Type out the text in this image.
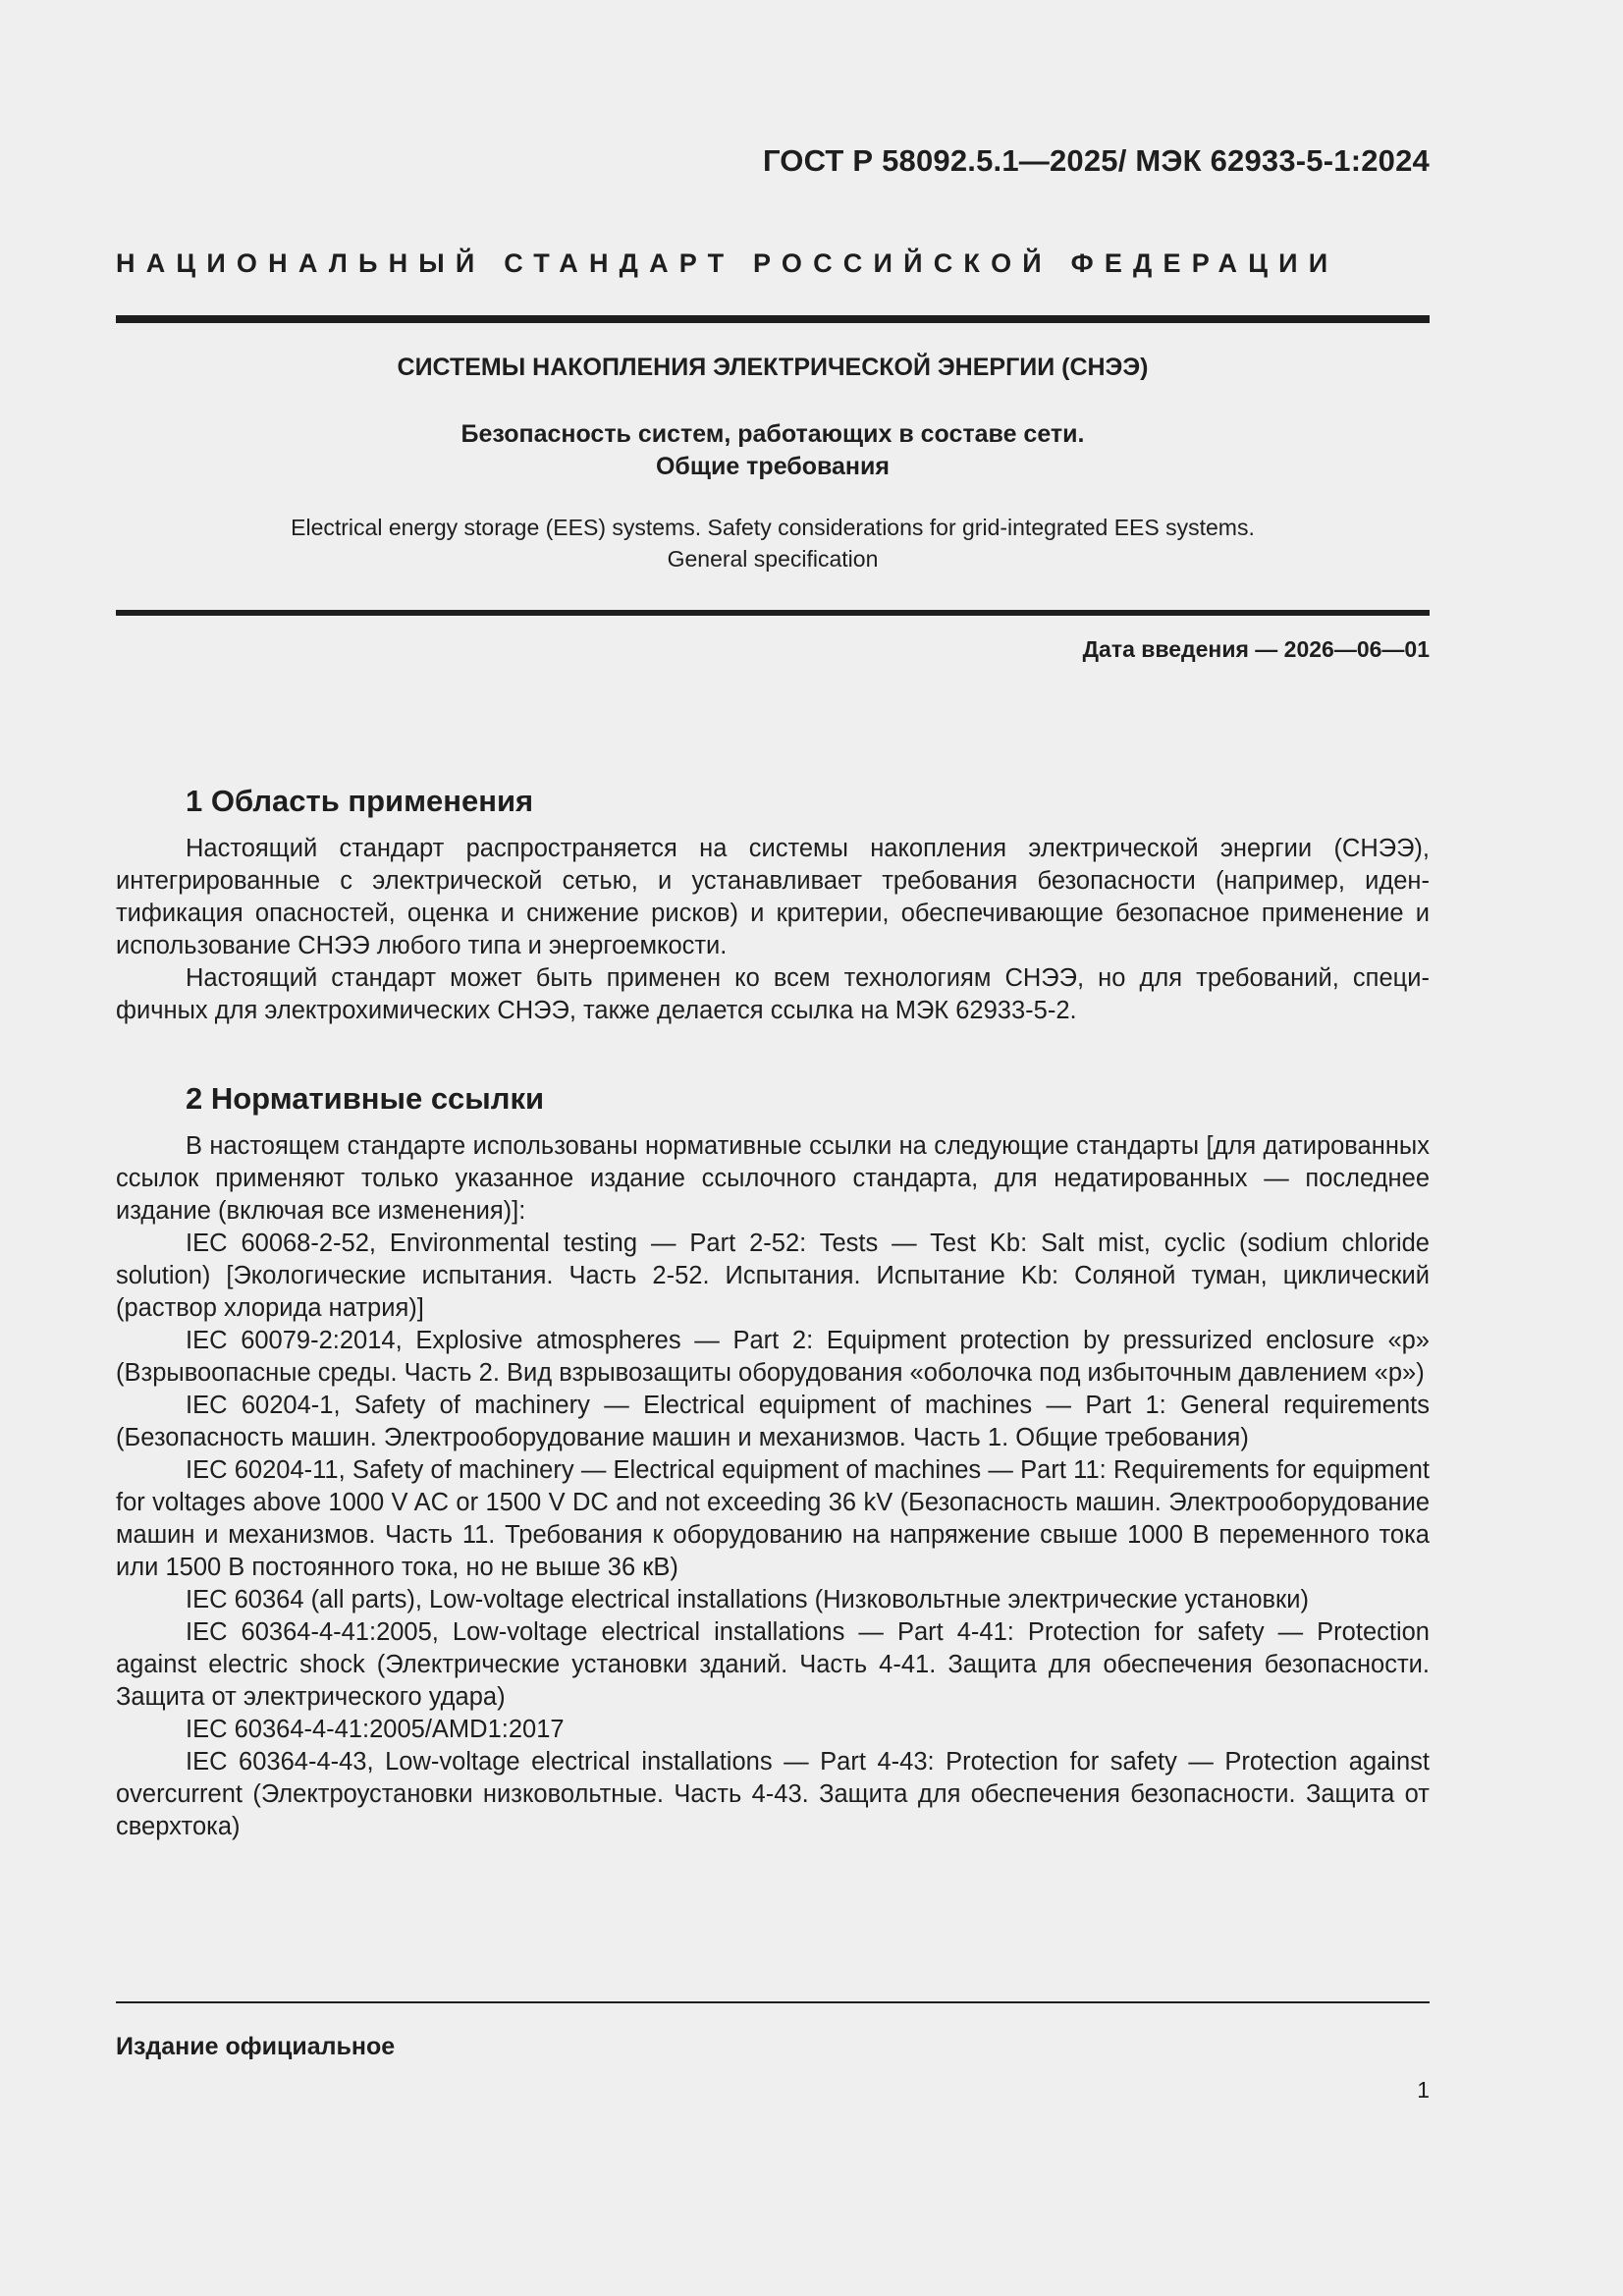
ГОСТ Р 58092.5.1—2025/ МЭК 62933-5-1:2024
НАЦИОНАЛЬНЫЙ СТАНДАРТ РОССИЙСКОЙ ФЕДЕРАЦИИ
СИСТЕМЫ НАКОПЛЕНИЯ ЭЛЕКТРИЧЕСКОЙ ЭНЕРГИИ (СНЭЭ)
Безопасность систем, работающих в составе сети.
Общие требования
Electrical energy storage (EES) systems. Safety considerations for grid-integrated EES systems.
General specification
Дата введения — 2026—06—01
1 Область применения

Настоящий стандарт распространяется на системы накопления электрической энергии (СНЭЭ), интегрированные с электрической сетью, и устанавливает требования безопасности (например, идентификация опасностей, оценка и снижение рисков) и критерии, обеспечивающие безопасное применение и использование СНЭЭ любого типа и энергоемкости.

Настоящий стандарт может быть применен ко всем технологиям СНЭЭ, но для требований, специфичных для электрохимических СНЭЭ, также делается ссылка на МЭК 62933-5-2.

2 Нормативные ссылки

В настоящем стандарте использованы нормативные ссылки на следующие стандарты [для датированных ссылок применяют только указанное издание ссылочного стандарта, для недатированных — последнее издание (включая все изменения)]:

IEC 60068-2-52, Environmental testing — Part 2-52: Tests — Test Kb: Salt mist, cyclic (sodium chloride solution) [Экологические испытания. Часть 2-52. Испытания. Испытание Kb: Соляной туман, циклический (раствор хлорида натрия)]

IEC 60079-2:2014, Explosive atmospheres — Part 2: Equipment protection by pressurized enclosure «p» (Взрывоопасные среды. Часть 2. Вид взрывозащиты оборудования «оболочка под избыточным давлением «p»)

IEC 60204-1, Safety of machinery — Electrical equipment of machines — Part 1: General requirements (Безопасность машин. Электрооборудование машин и механизмов. Часть 1. Общие требования)

IEC 60204-11, Safety of machinery — Electrical equipment of machines — Part 11: Requirements for equipment for voltages above 1000 V AC or 1500 V DC and not exceeding 36 kV (Безопасность машин. Электрооборудование машин и механизмов. Часть 11. Требования к оборудованию на напряжение свыше 1000 В переменного тока или 1500 В постоянного тока, но не выше 36 кВ)

IEC 60364 (all parts), Low-voltage electrical installations (Низковольтные электрические установки)

IEC 60364-4-41:2005, Low-voltage electrical installations — Part 4-41: Protection for safety — Protection against electric shock (Электрические установки зданий. Часть 4-41. Защита для обеспечения безопасности. Защита от электрического удара)

IEC 60364-4-41:2005/AMD1:2017

IEC 60364-4-43, Low-voltage electrical installations — Part 4-43: Protection for safety — Protection against overcurrent (Электроустановки низковольтные. Часть 4-43. Защита для обеспечения безопасности. Защита от сверхтока)

Издание официальное
1
